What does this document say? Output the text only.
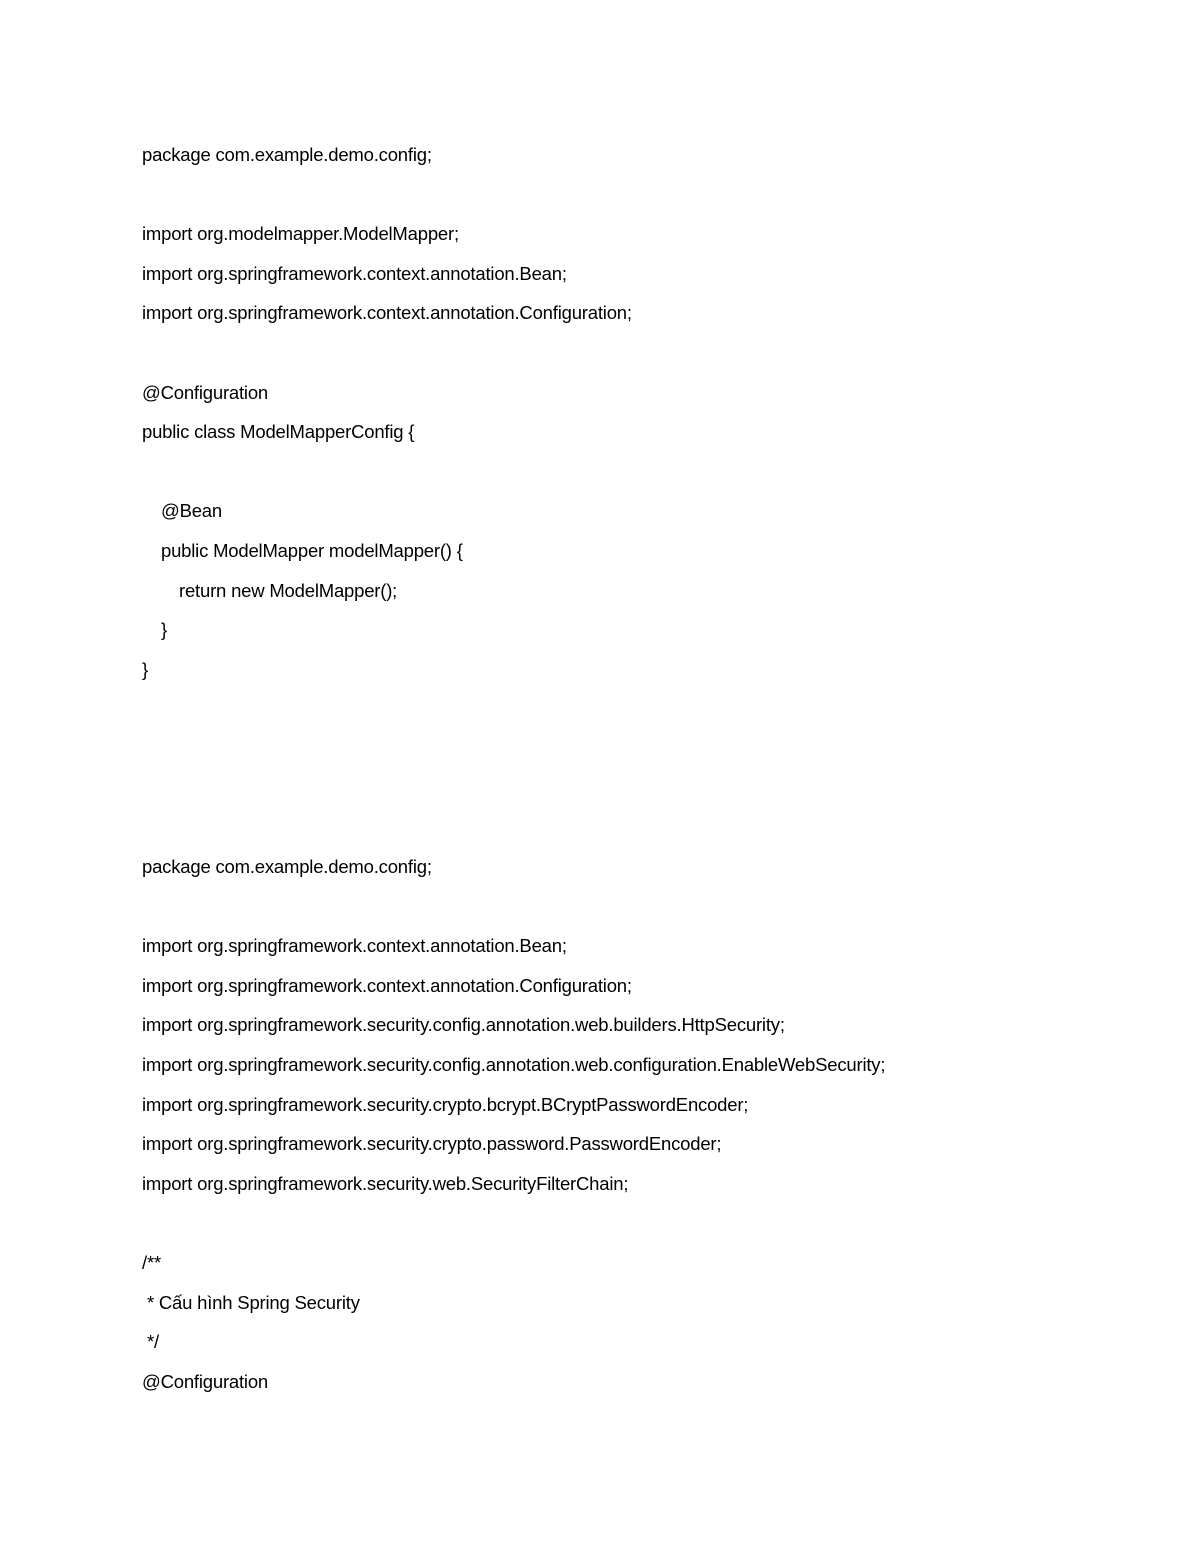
package com.example.demo.config;
import org.modelmapper.ModelMapper;
import org.springframework.context.annotation.Bean;
import org.springframework.context.annotation.Configuration;
@Configuration
public class ModelMapperConfig {
@Bean
public ModelMapper modelMapper() {
return new ModelMapper();
}
}
package com.example.demo.config;
import org.springframework.context.annotation.Bean;
import org.springframework.context.annotation.Configuration;
import org.springframework.security.config.annotation.web.builders.HttpSecurity;
import org.springframework.security.config.annotation.web.configuration.EnableWebSecurity;
import org.springframework.security.crypto.bcrypt.BCryptPasswordEncoder;
import org.springframework.security.crypto.password.PasswordEncoder;
import org.springframework.security.web.SecurityFilterChain;
/**
* Cấu hình Spring Security
*/
@Configuration
